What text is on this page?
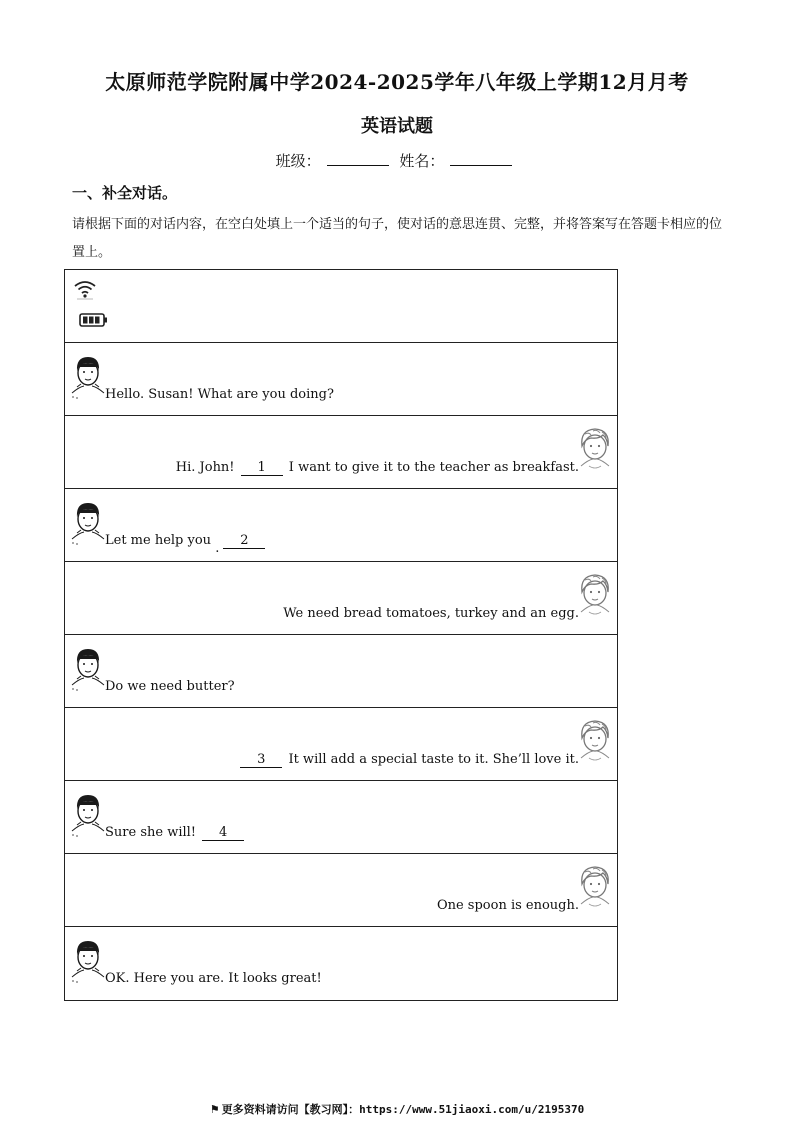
太原师范学院附属中学2024-2025学年八年级上学期12月月考
英语试题
班级：	姓名：
一、补全对话。
请根据下面的对话内容，在空白处填上一个适当的句子，使对话的意思连贯、完整，并将答案写在答题卡相应的位置上。
Hello. Susan! What are you doing?
Hi. John! 1 I want to give it to the teacher as breakfast.
Let me help you .2
We need bread tomatoes, turkey and an egg.
Do we need butter?
3 It will add a special taste to it. She’ll love it.
Sure she will! 4
One spoon is enough.
OK. Here you are. It looks great!
⚑ 更多资料请访问【教习网】：https://www.51jiaoxi.com/u/2195370
